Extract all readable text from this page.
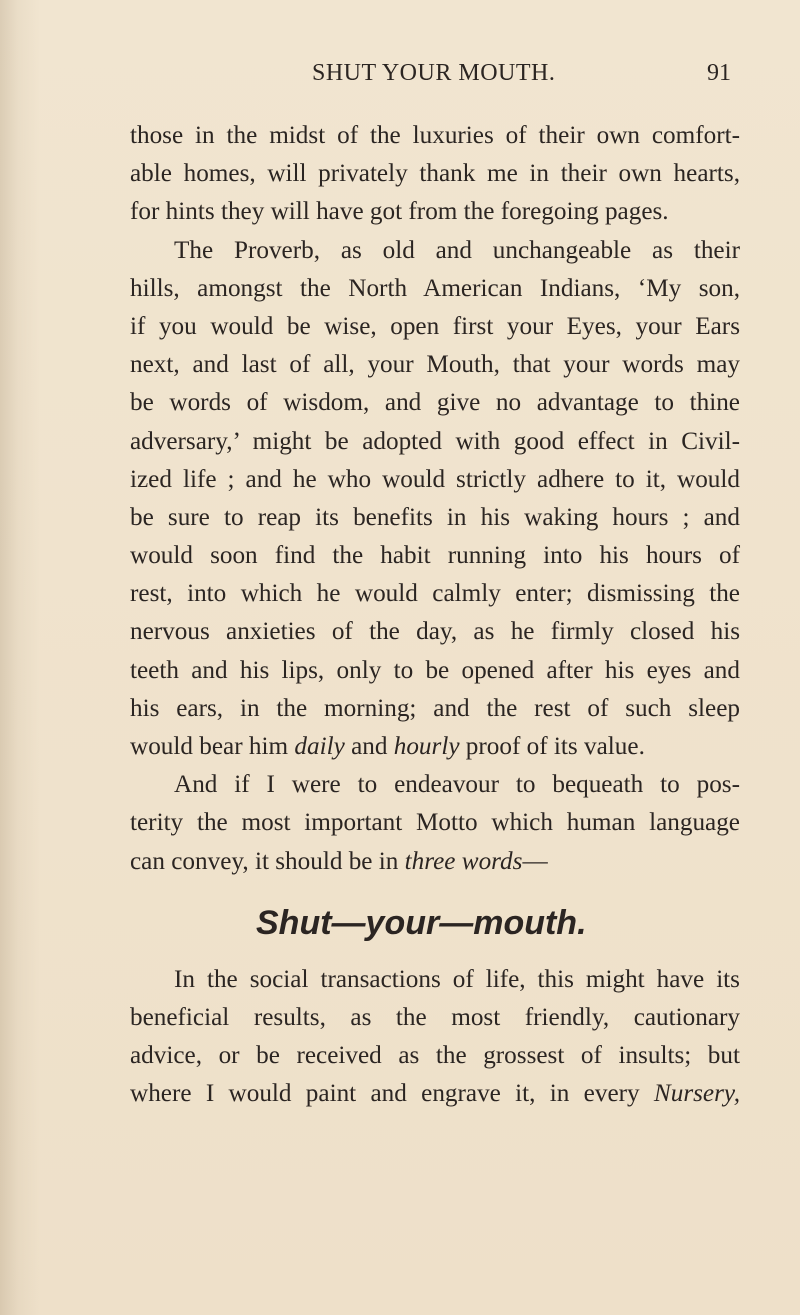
SHUT YOUR MOUTH.	91
those in the midst of the luxuries of their own comfort-
able homes, will privately thank me in their own hearts,
for hints they will have got from the foregoing pages.
The Proverb, as old and unchangeable as their
hills, amongst the North American Indians, ‘My son,
if you would be wise, open first your Eyes, your Ears
next, and last of all, your Mouth, that your words may
be words of wisdom, and give no advantage to thine
adversary,’ might be adopted with good effect in Civil-
ized life ; and he who would strictly adhere to it, would
be sure to reap its benefits in his waking hours ; and
would soon find the habit running into his hours of
rest, into which he would calmly enter; dismissing the
nervous anxieties of the day, as he firmly closed his
teeth and his lips, only to be opened after his eyes and
his ears, in the morning; and the rest of such sleep
would bear him daily and hourly proof of its value.
And if I were to endeavour to bequeath to pos-
terity the most important Motto which human language
can convey, it should be in three words—
Shut—your—mouth.
In the social transactions of life, this might have its
beneficial results, as the most friendly, cautionary
advice, or be received as the grossest of insults; but
where I would paint and engrave it, in every Nursery,
